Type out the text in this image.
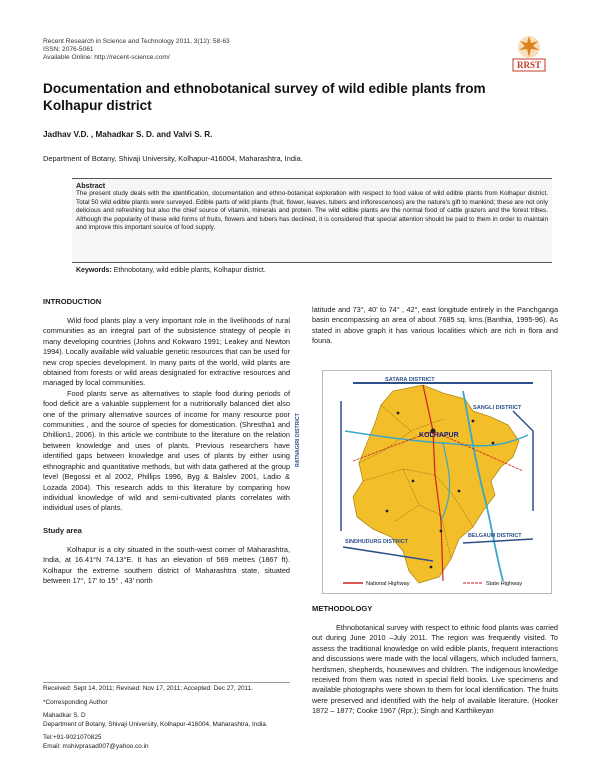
Recent Research in Science and Technology 2011, 3(12): 58-63
ISSN: 2076-5061
Available Online: http://recent-science.com/
RRST
Documentation and ethnobotanical survey of wild edible plants from Kolhapur district
Jadhav V.D. , Mahadkar S. D. and Valvi S. R.
Department of Botany, Shivaji University, Kolhapur-416004, Maharashtra, India.
Abstract
The present study deals with the identification, documentation and ethno-botanical exploration with respect to food value of wild edible plants from Kolhapur district. Total 50 wild edible plants were surveyed. Edible parts of wild plants (fruit, flower, leaves, tubers and inflorescences) are the nature’s gift to mankind; these are not only delicious and refreshing but also the chief source of vitamin, minerals and protein. The wild edible plants are the normal food of cattle grazers and the forest tribes. Although the popularity of these wild forms of fruits, flowers and tubers has declined, it is considered that special attention should be paid to them in order to maintain and improve this important source of food supply.
Keywords: Ethnobotany, wild edible plants, Kolhapur district.
INTRODUCTION
Wild food plants play a very important role in the livelihoods of rural communities as an integral part of the subsistence strategy of people in many developing countries (Johns and Kokwaro 1991; Leakey and Newton 1994). Locally available wild valuable genetic resources that can be used for new crop species development. In many parts of the world, wild plants are obtained from forests or wild areas designated for extractive resources and managed by local communities.
Food plants serve as alternatives to staple food during periods of food deficit are a valuable supplement for a nutritionally balanced diet also one of the primary alternative sources of income for many resource poor communities , and the source of species for domestication. (Shrestha1 and Dhillion1, 2006). In this article we contribute to the literature on the relation between knowledge and uses of plants. Previous researchers have identified gaps between knowledge and uses of plants by either using ethnographic and quantitative methods, but with data gathered at the group level (Begossi et al 2002, Phillips 1996, Byg & Balslev 2001, Ladio & Lozada 2004). This research adds to this literature by comparing how individual knowledge of wild and semi-cultivated plants correlates with individual uses of plants.
Study area
Kolhapur is a city situated in the south-west corner of Maharashtra, India, at 16.41°N 74.13°E. It has an elevation of 569 metres (1867 ft). Kolhapur the extreme southern district of Maharashtra state, situated between 17°, 17' to 15° , 43' north
Received: Sept 14, 2011; Revised: Nov 17, 2011; Accepted: Dec 27, 2011.
*Corresponding Author
Mahadkar S. D
Department of Botany, Shivaji University, Kolhapur-416004, Maharashtra, India.
Tel:+91-9021070825
Email: mshivprasad007@yahoo.co.in
latitude and 73°, 40' to 74° , 42°, east longitude entirely in the Panchganga basin encompassing an area of about 7685 sq. kms.(Banthia, 1995-96). As stated in above graph it has various localities which are rich in flora and founa.
SATARA DISTRICT
SANGLI DISTRICT
KOLHAPUR
RATNAGIRI DISTRICT
SINDHUDURG DISTRICT
BELGAUM DISTRICT
National Highway	State Highway
METHODOLOGY
Ethnobotanical survey with respect to ethnic food plants was carried out during June 2010 –July 2011. The region was frequently visited. To assess the traditional knowledge on wild edible plants, frequent interactions and discussions were made with the local villagers, which included farmers, herdsmen, shepherds, housewives and children. The indigenous knowledge received from them was noted in special field books. Live specimens and available photographs were shown to them for local identification. The fruits were preserved and identified with the help of available literature. (Hooker 1872 – 1877; Cooke 1967 (Rpr.); Singh and Karthikeyan
